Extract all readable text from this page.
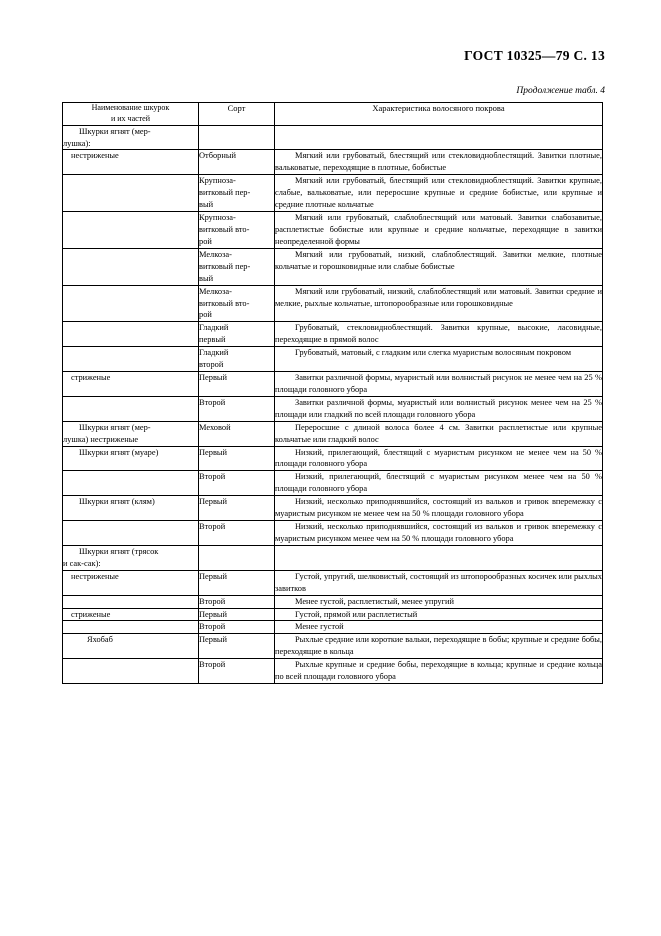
ГОСТ 10325—79 С. 13
Продолжение табл. 4
Наименование шкурок
и их частей	Сорт	Характеристика волосяного покрова

Шкурки ягнят (мер-
лушка):		

нестриженые	Отборный	Мягкий или грубоватый, блестящий или стекловидноблестящий. Завитки плотные, вальковатые, переходящие в плотные, бобистые

	Крупноза-
витковый пер-
вый	Мягкий или грубоватый, блестящий или стекловидноблестящий. Завитки крупные, слабые, вальковатые, или переросшие крупные и средние бобистые, или крупные и средние плотные кольчатые

	Крупноза-
витковый вто-
рой	Мягкий или грубоватый, слаблоблестящий или матовый. Завитки слабозавитые, расплетистые бобистые или крупные и средние кольчатые, переходящие в завитки неопределенной формы

	Мелкоза-
витковый пер-
вый	Мягкий или грубоватый, низкий, слаблоблестящий. Завитки мелкие, плотные кольчатые и горошковидные или слабые бобистые

	Мелкоза-
витковый вто-
рой	Мягкий или грубоватый, низкий, слаблоблестящий или матовый. Завитки средние и мелкие, рыхлые кольчатые, штопорообразные или горошковидные

	Гладкий
первый	Грубоватый, стекловидноблестящий. Завитки крупные, высокие, ласовидные, переходящие в прямой волос

	Гладкий
второй	Грубоватый, матовый, с гладким или слегка муаристым волосяным покровом

стриженые	Первый	Завитки различной формы, муаристый или волнистый рисунок не менее чем на 25 % площади головного убора

	Второй	Завитки различной формы, муаристый или волнистый рисунок менее чем на 25 % площади или гладкий по всей площади головного убора

Шкурки ягнят (мер-
лушка) нестриженые	Меховой	Переросшие с длиной волоса более 4 см. Завитки расплетистые или крупные кольчатые или гладкий волос

Шкурки ягнят (муаре)	Первый	Низкий, прилегающий, блестящий с муаристым рисунком не менее чем на 50 % площади головного убора

	Второй	Низкий, прилегающий, блестящий с муаристым рисунком менее чем на 50 % площади головного убора

Шкурки ягнят (клям)	Первый	Низкий, несколько приподнявшийся, состоящий из вальков и гривок вперемежку с муаристым рисунком не менее чем на 50 % площади головного убора

	Второй	Низкий, несколько приподнявшийся, состоящий из вальков и гривок вперемежку с муаристым рисунком менее чем на 50 % площади головного убора

Шкурки ягнят (трясок
и сак-сак):		

нестриженые	Первый	Густой, упругий, шелковистый, состоящий из штопорообразных косичек или рыхлых завитков

	Второй	Менее густой, расплетистый, менее упругий

стриженые	Первый	Густой, прямой или расплетистый

	Второй	Менее густой

Яхобаб	Первый	Рыхлые средние или короткие вальки, переходящие в бобы; крупные и средние бобы, переходящие в кольца

	Второй	Рыхлые крупные и средние бобы, переходящие в кольца; крупные и средние кольца по всей площади головного убора
